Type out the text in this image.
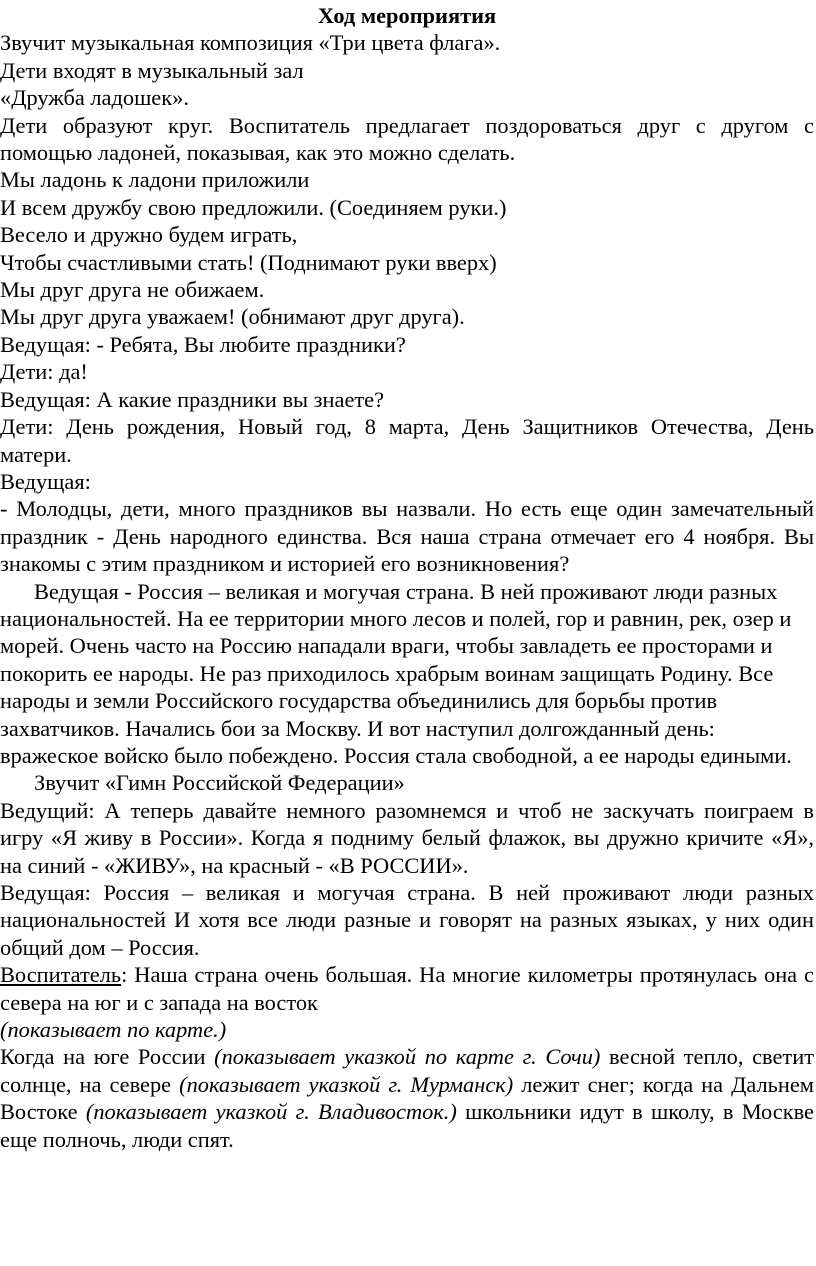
Ход мероприятия

Звучит музыкальная композиция «Три цвета флага».

Дети входят в музыкальный зал

«Дружба ладошек».

Дети образуют круг. Воспитатель предлагает поздороваться друг с другом с помощью ладоней, показывая, как это можно сделать.

Мы ладонь к ладони приложили

И всем дружбу свою предложили. (Соединяем руки.)

Весело и дружно будем играть,

Чтобы счастливыми стать! (Поднимают руки вверх)

Мы друг друга не обижаем.

Мы друг друга уважаем! (обнимают друг друга).

Ведущая: - Ребята, Вы любите праздники?

Дети: да!

Ведущая: А какие праздники вы знаете?

Дети: День рождения, Новый год, 8 марта, День Защитников Отечества, День матери.

Ведущая:

- Молодцы, дети, много праздников вы назвали. Но есть еще один замечательный праздник - День народного единства. Вся наша страна отмечает его 4 ноября. Вы знакомы с этим праздником и историей его возникновения?

Ведущая - Россия – великая и могучая страна. В ней проживают люди разных национальностей. На ее территории много лесов и полей, гор и равнин, рек, озер и морей. Очень часто на Россию нападали враги, чтобы завладеть ее просторами и покорить ее народы. Не раз приходилось храбрым воинам защищать Родину. Все народы и земли Российского государства объединились для борьбы против захватчиков. Начались бои за Москву. И вот наступил долгожданный день: вражеское войско было побеждено. Россия стала свободной, а ее народы едиными.

Звучит «Гимн Российской Федерации»

Ведущий: А теперь давайте немного разомнемся и чтоб не заскучать поиграем в игру «Я живу в России». Когда я подниму белый флажок, вы дружно кричите «Я», на синий - «ЖИВУ», на красный - «В РОССИИ».

Ведущая: Россия – великая и могучая страна. В ней проживают люди разных национальностей И хотя все люди разные и говорят на разных языках, у них один общий дом – Россия.

Воспитатель: Наша страна очень большая. На многие километры протянулась она с севера на юг и с запада на восток

(показывает по карте.)

Когда на юге России (показывает указкой по карте г. Сочи) весной тепло, светит солнце, на севере (показывает указкой г. Мурманск) лежит снег; когда на Дальнем Востоке (показывает указкой г. Владивосток.) школьники идут в школу, в Москве еще полночь, люди спят.
